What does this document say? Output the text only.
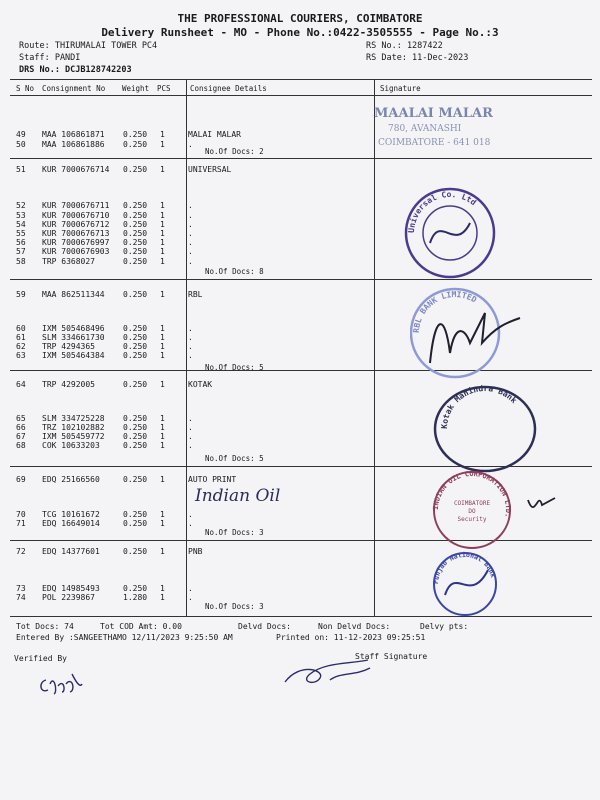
THE PROFESSIONAL COURIERS, COIMBATORE
Delivery Runsheet - MO - Phone No.:0422-3505555 - Page No.:3
Route: THIRUMALAI TOWER PC4
Staff: PANDI
DRS No.: DCJB128742203
RS No.: 1287422
RS Date: 11-Dec-2023
S No Consignment No Weight PCS	Consignee Details	Signature
49 MAA 106861871 0.250 1	MALAI MALAR
50 MAA 106861886 0.250 1	.
No.Of Docs: 2
51 KUR 7000676714 0.250 1	UNIVERSAL
52 KUR 7000676711 0.250 1	.
53 KUR 7000676710 0.250 1	.
54 KUR 7000676712 0.250 1	.
55 KUR 7000676713 0.250 1	.
56 KUR 7000676997 0.250 1	.
57 KUR 7000676903 0.250 1	.
58 TRP 6368027	0.250 1	.
No.Of Docs: 8
59 MAA 862511344 0.250 1	RBL
60 IXM 505468496 0.250 1	.
61 SLM 334661730 0.250 1	.
62 TRP 4294365	0.250 1	.
63 IXM 505464384 0.250 1	.
No.Of Docs: 5
64 TRP 4292005	0.250 1	KOTAK
65 SLM 334725228 0.250 1	.
66 TRZ 102102882 0.250 1	.
67 IXM 505459772 0.250 1	.
68 COK 10633203	0.250 1	.
No.Of Docs: 5
69 EDQ 25166560	0.250 1	AUTO PRINT
70 TCG 10161672	0.250 1	.
71 EDQ 16649014	0.250 1	.
No.Of Docs: 3
72 EDQ 14377601	0.250 1	PNB
73 EDQ 14985493	0.250 1	.
74 POL 2239867	1.280 1	.
No.Of Docs: 3
MAALAI MALAR
780, AVANASHI
COIMBATORE - 641 018
Universal Co. Ltd
RBL BANK LIMITED
Kotak Mahindra Bank
INDIAN OIL CORPORATION LTD.
COIMBATORE
DO
Security
Punjab National Bank
Indian Oil
Tot Docs: 74	Tot COD Amt: 0.00	Delvd Docs:	Non Delvd Docs:	Delvy pts:
Entered By :SANGEETHAMO 12/11/2023 9:25:50 AM	Printed on: 11-12-2023 09:25:51
Verified By	Staff Signature
